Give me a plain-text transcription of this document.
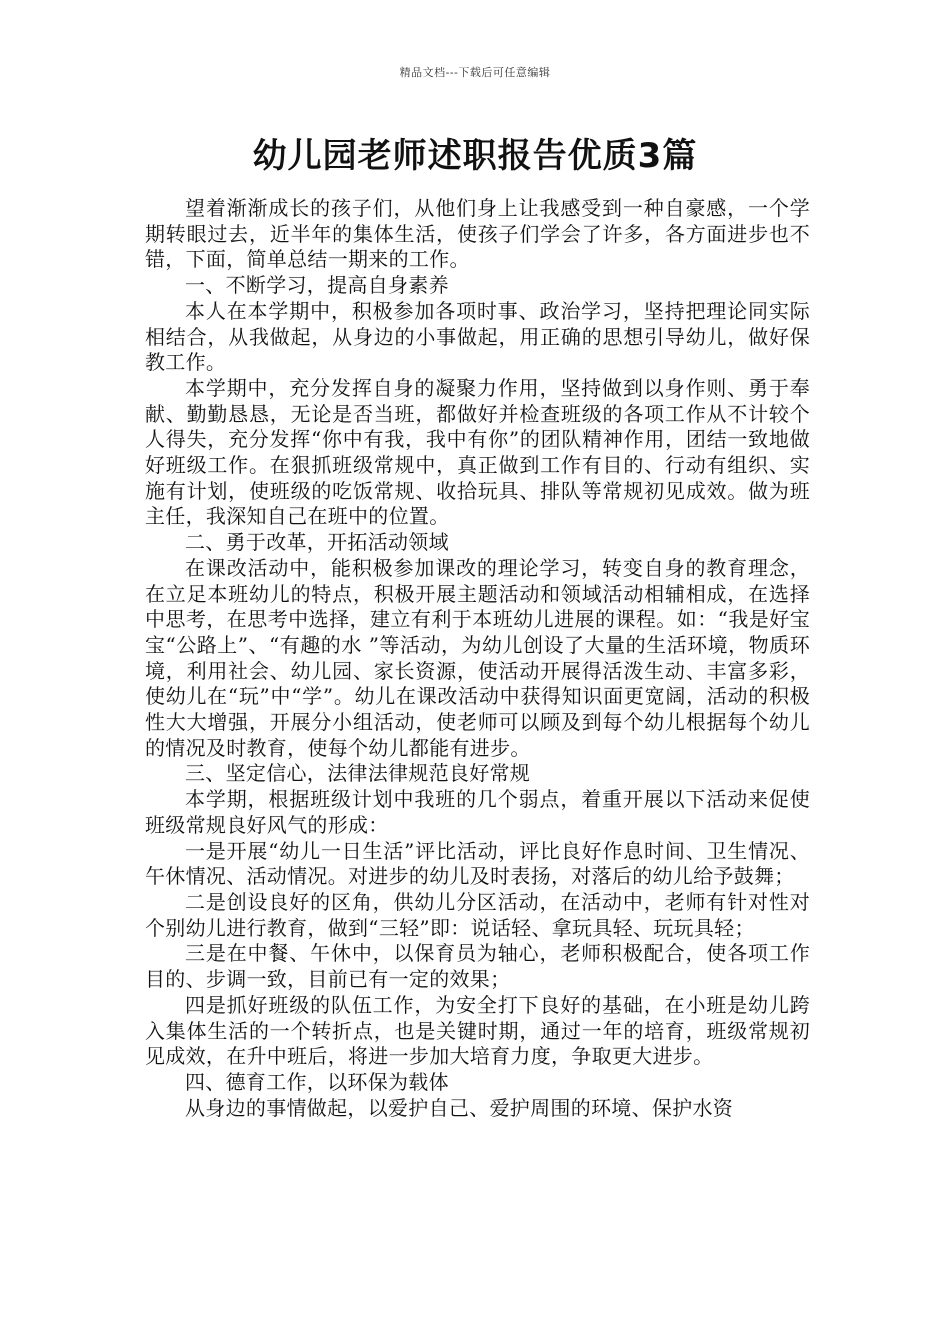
精品文档---下载后可任意编辑
幼儿园老师述职报告优质3篇

望着渐渐成长的孩子们，从他们身上让我感受到一种自豪感，一个学期转眼过去，近半年的集体生活，使孩子们学会了许多，各方面进步也不错，下面，简单总结一期来的工作。

一、不断学习，提高自身素养

本人在本学期中，积极参加各项时事、政治学习，坚持把理论同实际相结合，从我做起，从身边的小事做起，用正确的思想引导幼儿，做好保教工作。

本学期中，充分发挥自身的凝聚力作用，坚持做到以身作则、勇于奉献、勤勤恳恳，无论是否当班，都做好并检查班级的各项工作从不计较个人得失，充分发挥“你中有我，我中有你”的团队精神作用，团结一致地做好班级工作。在狠抓班级常规中，真正做到工作有目的、行动有组织、实施有计划，使班级的吃饭常规、收拾玩具、排队等常规初见成效。做为班主任，我深知自己在班中的位置。

二、勇于改革，开拓活动领域

在课改活动中，能积极参加课改的理论学习，转变自身的教育理念，在立足本班幼儿的特点，积极开展主题活动和领域活动相辅相成，在选择中思考，在思考中选择，建立有利于本班幼儿进展的课程。如：“我是好宝宝“公路上”、“有趣的水 ”等活动，为幼儿创设了大量的生活环境，物质环境，利用社会、幼儿园、家长资源，使活动开展得活泼生动、丰富多彩，使幼儿在“玩”中“学”。幼儿在课改活动中获得知识面更宽阔，活动的积极性大大增强，开展分小组活动，使老师可以顾及到每个幼儿根据每个幼儿的情况及时教育，使每个幼儿都能有进步。

三、坚定信心，法律法律规范良好常规

本学期，根据班级计划中我班的几个弱点，着重开展以下活动来促使班级常规良好风气的形成：

一是开展“幼儿一日生活”评比活动，评比良好作息时间、卫生情况、午休情况、活动情况。对进步的幼儿及时表扬，对落后的幼儿给予鼓舞；

二是创设良好的区角，供幼儿分区活动，在活动中，老师有针对性对个别幼儿进行教育，做到“三轻”即：说话轻、拿玩具轻、玩玩具轻；

三是在中餐、午休中，以保育员为轴心，老师积极配合，使各项工作目的、步调一致，目前已有一定的效果；

四是抓好班级的队伍工作，为安全打下良好的基础，在小班是幼儿跨入集体生活的一个转折点，也是关键时期，通过一年的培育，班级常规初见成效，在升中班后，将进一步加大培育力度，争取更大进步。

四、德育工作，以环保为载体

从身边的事情做起，以爱护自己、爱护周围的环境、保护水资
